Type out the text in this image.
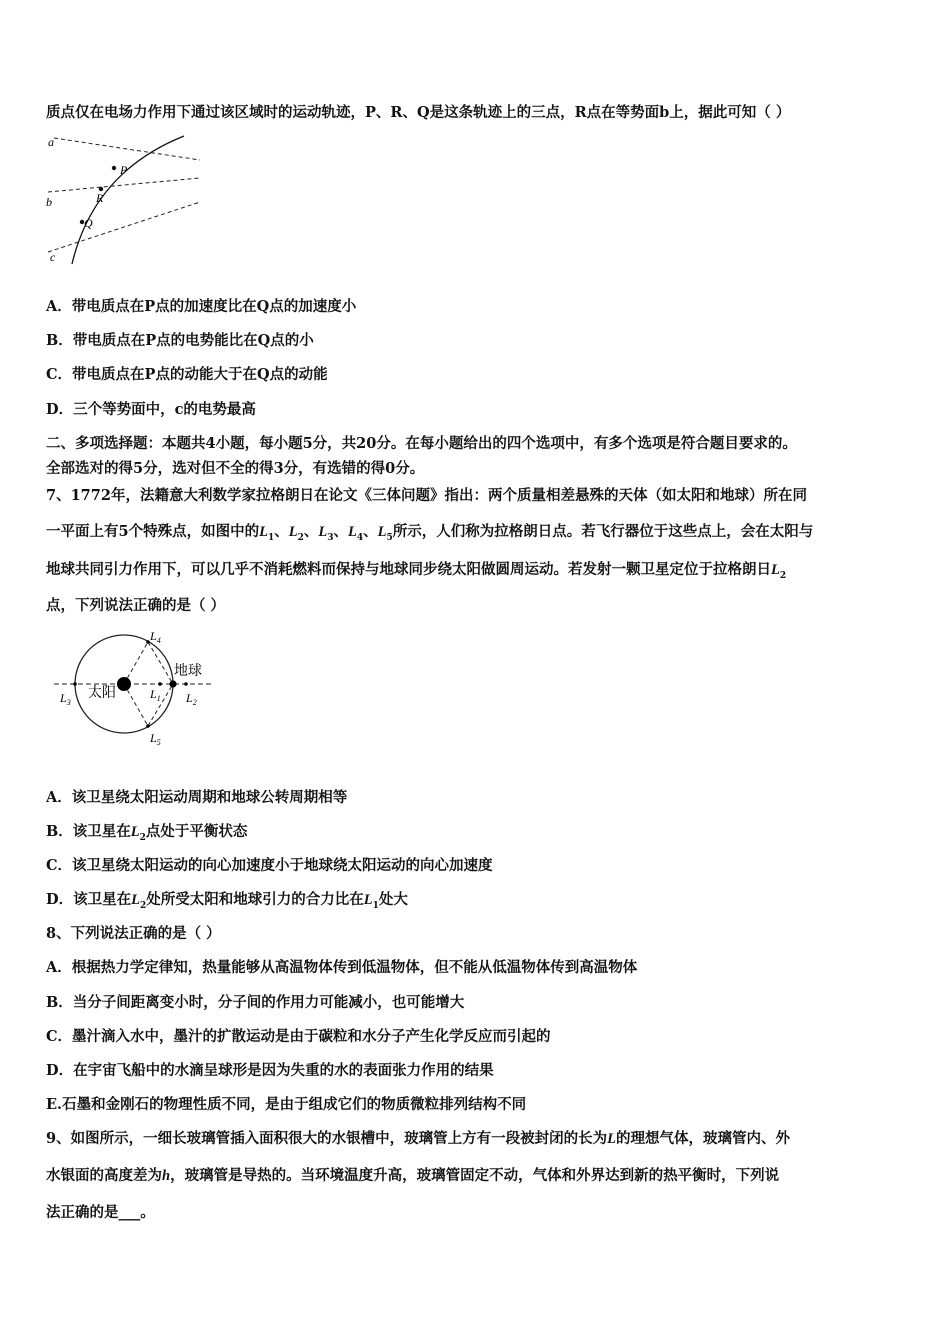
质点仅在电场力作用下通过该区域时的运动轨迹，P、R、Q是这条轨迹上的三点，R点在等势面b上，据此可知（ ）
a
b
c
P
R
Q
A．带电质点在P点的加速度比在Q点的加速度小
B．带电质点在P点的电势能比在Q点的小
C．带电质点在P点的动能大于在Q点的动能
D．三个等势面中，c的电势最高
二、多项选择题：本题共4小题，每小题5分，共20分。在每小题给出的四个选项中，有多个选项是符合题目要求的。
全部选对的得5分，选对但不全的得3分，有选错的得0分。
7、1772年，法籍意大利数学家拉格朗日在论文《三体问题》指出：两个质量相差悬殊的天体（如太阳和地球）所在同
一平面上有5个特殊点，如图中的$L_1$、$L_2$、$L_3$、$L_4$、$L_5$所示，人们称为拉格朗日点。若飞行器位于这些点上，会在太阳与
地球共同引力作用下，可以几乎不消耗燃料而保持与地球同步绕太阳做圆周运动。若发射一颗卫星定位于拉格朗日$L_2$
点，下列说法正确的是（ ）
太阳
地球
$L_1$ $L_2$
$L_3$
$L_4$
$L_5$
A．该卫星绕太阳运动周期和地球公转周期相等
B．该卫星在$L_2$点处于平衡状态
C．该卫星绕太阳运动的向心加速度小于地球绕太阳运动的向心加速度
D．该卫星在$L_2$处所受太阳和地球引力的合力比在$L_1$处大
8、下列说法正确的是（ ）
A．根据热力学定律知，热量能够从高温物体传到低温物体，但不能从低温物体传到高温物体
B．当分子间距离变小时，分子间的作用力可能减小，也可能增大
C．墨汁滴入水中，墨汁的扩散运动是由于碳粒和水分子产生化学反应而引起的
D．在宇宙飞船中的水滴呈球形是因为失重的水的表面张力作用的结果
E.石墨和金刚石的物理性质不同，是由于组成它们的物质微粒排列结构不同
9、如图所示，一细长玻璃管插入面积很大的水银槽中，玻璃管上方有一段被封闭的长为L的理想气体，玻璃管内、外
水银面的高度差为h，玻璃管是导热的。当环境温度升高，玻璃管固定不动，气体和外界达到新的热平衡时，下列说
法正确的是___。
